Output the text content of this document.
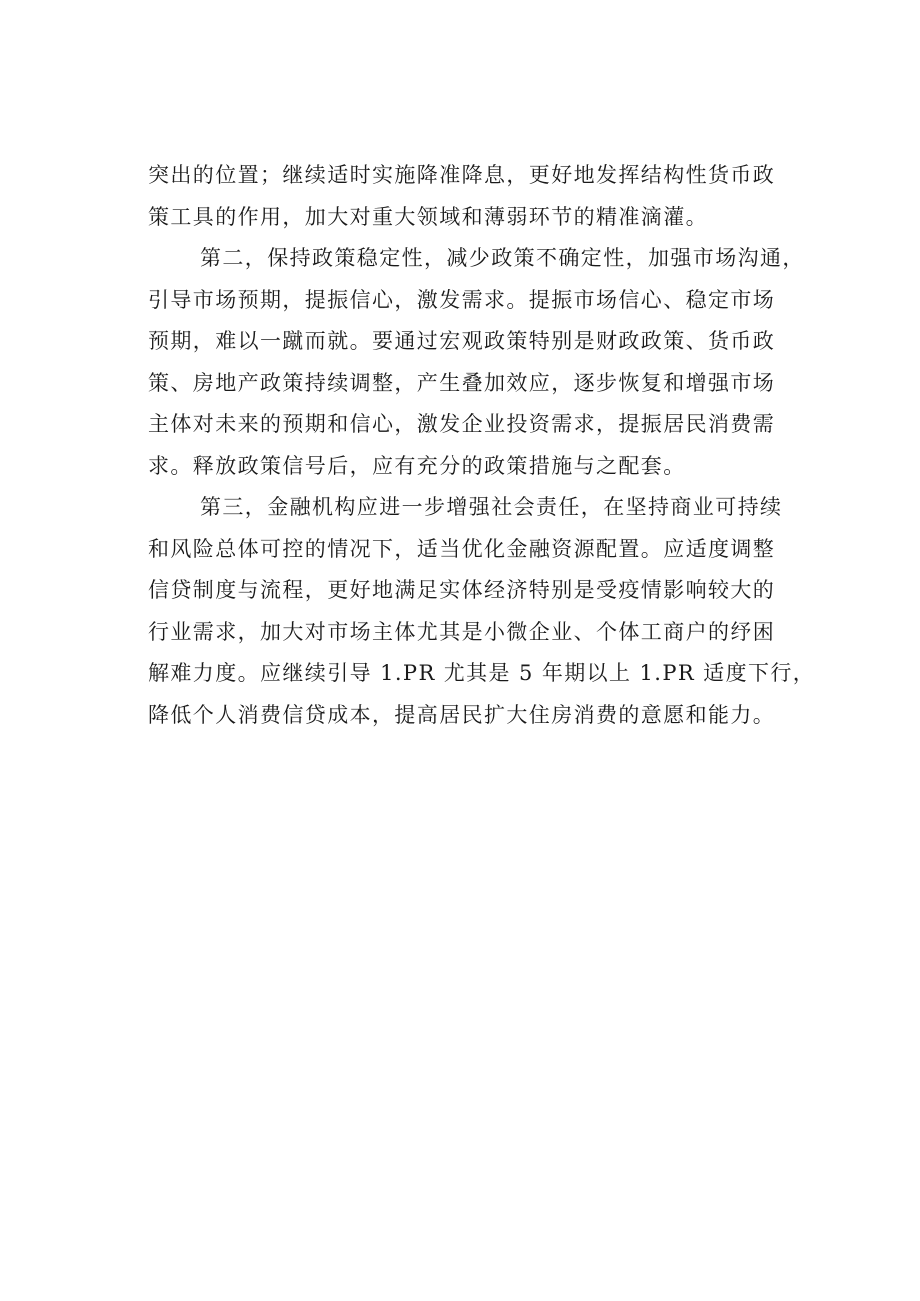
突出的位置；继续适时实施降准降息，更好地发挥结构性货币政
策工具的作用，加大对重大领域和薄弱环节的精准滴灌。
第二，保持政策稳定性，减少政策不确定性，加强市场沟通，
引导市场预期，提振信心，激发需求。提振市场信心、稳定市场
预期，难以一蹴而就。要通过宏观政策特别是财政政策、货币政
策、房地产政策持续调整，产生叠加效应，逐步恢复和增强市场
主体对未来的预期和信心，激发企业投资需求，提振居民消费需
求。释放政策信号后，应有充分的政策措施与之配套。
第三，金融机构应进一步增强社会责任，在坚持商业可持续
和风险总体可控的情况下，适当优化金融资源配置。应适度调整
信贷制度与流程，更好地满足实体经济特别是受疫情影响较大的
行业需求，加大对市场主体尤其是小微企业、个体工商户的纾困
解难力度。应继续引导 1.PR 尤其是 5 年期以上 1.PR 适度下行，
降低个人消费信贷成本，提高居民扩大住房消费的意愿和能力。
